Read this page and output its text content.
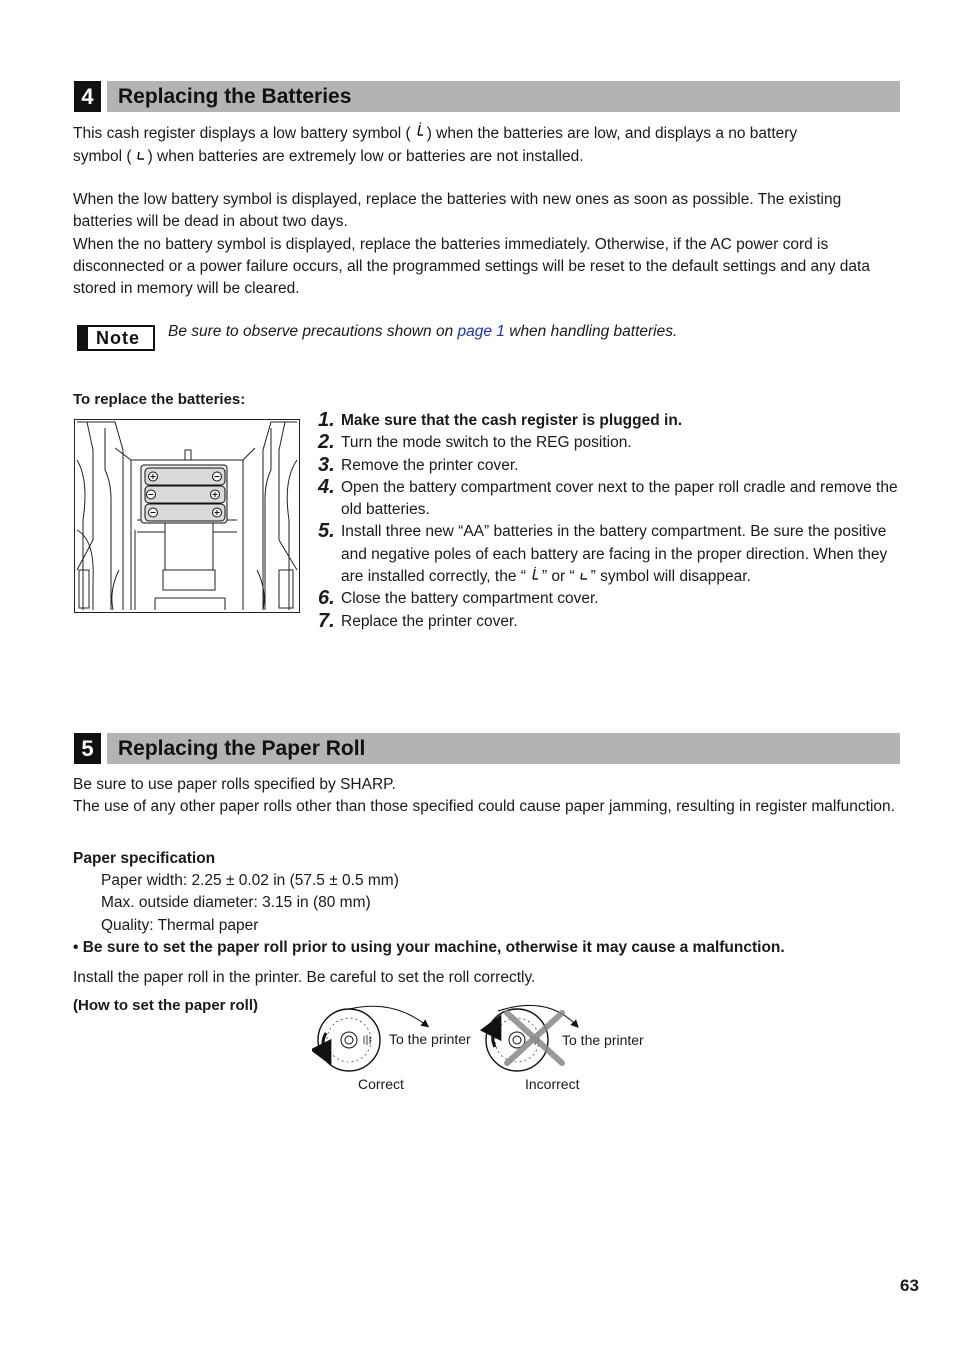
4	Replacing the Batteries

This cash register displays a low battery symbol ( ) when the batteries are low, and displays a no battery

symbol ( ) when batteries are extremely low or batteries are not installed.

When the low battery symbol is displayed, replace the batteries with new ones as soon as possible. The existing batteries will be dead in about two days.

When the no battery symbol is displayed, replace the batteries immediately. Otherwise, if the AC power cord is disconnected or a power failure occurs, all the programmed settings will be reset to the default settings and any data stored in memory will be cleared.

Note Be sure to observe precautions shown on page 1 when handling batteries.
To replace the batteries:
1. Make sure that the cash register is plugged in.
2. Turn the mode switch to the REG position.
3. Remove the printer cover.
4. Open the battery compartment cover next to the paper roll cradle and remove the old batteries.
5. Install three new “AA” batteries in the battery compartment. Be sure the positive and negative poles of each battery are facing in the proper direction. When they are installed correctly, the “ ” or “ ” symbol will disappear.
6. Close the battery compartment cover.
7. Replace the printer cover.
5	Replacing the Paper Roll

Be sure to use paper rolls specified by SHARP.

The use of any other paper rolls other than those specified could cause paper jamming, resulting in register malfunction.

Paper specification
Paper width: 2.25 ± 0.02 in (57.5 ± 0.5 mm)
Max. outside diameter: 3.15 in (80 mm)
Quality: Thermal paper
• Be sure to set the paper roll prior to using your machine, otherwise it may cause a malfunction.
Install the paper roll in the printer. Be careful to set the roll correctly.
(How to set the paper roll)
To the printer	To the printer
Correct	Incorrect
63
